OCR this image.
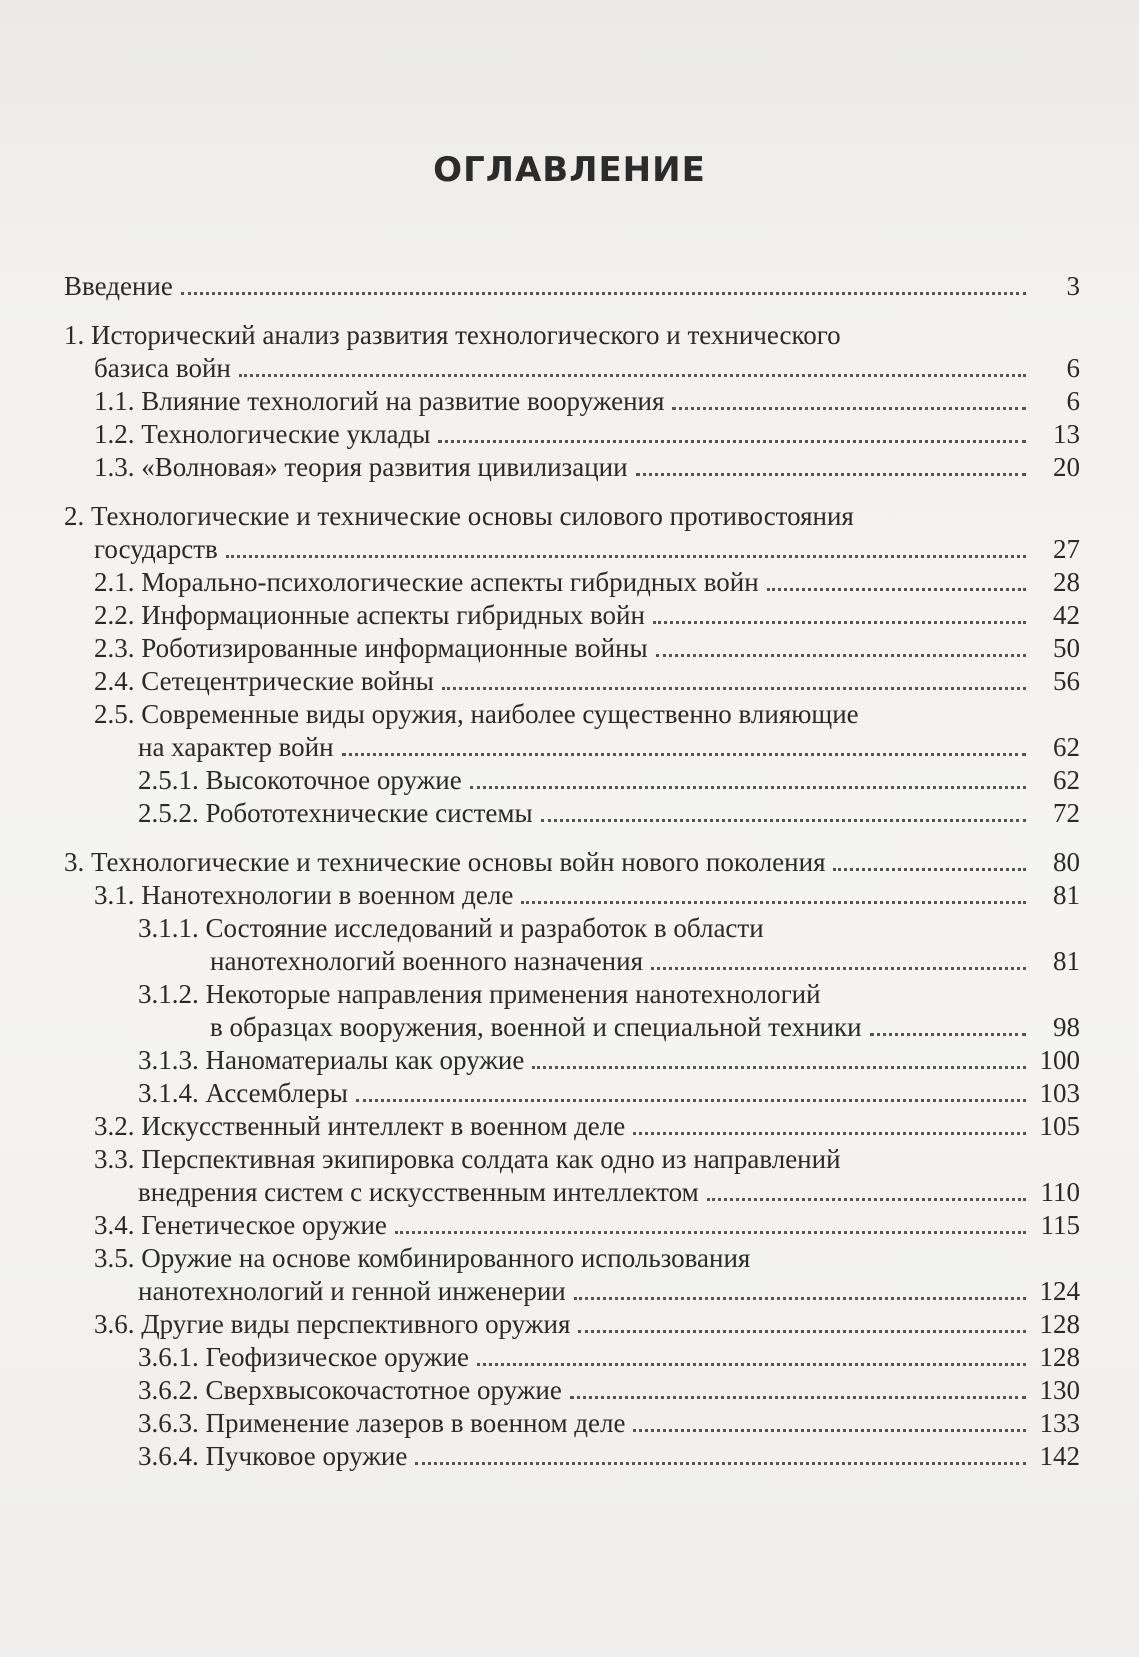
ОГЛАВЛЕНИЕ
Введение	3
1. Исторический анализ развития технологического и технического
базиса войн	6
1.1. Влияние технологий на развитие вооружения	6
1.2. Технологические уклады	13
1.3. «Волновая» теория развития цивилизации	20
2. Технологические и технические основы силового противостояния
государств	27
2.1. Морально-психологические аспекты гибридных войн	28
2.2. Информационные аспекты гибридных войн	42
2.3. Роботизированные информационные войны	50
2.4. Сетецентрические войны	56
2.5. Современные виды оружия, наиболее существенно влияющие
на характер войн	62
2.5.1. Высокоточное оружие	62
2.5.2. Робототехнические системы	72
3. Технологические и технические основы войн нового поколения	80
3.1. Нанотехнологии в военном деле	81
3.1.1. Состояние исследований и разработок в области
нанотехнологий военного назначения	81
3.1.2. Некоторые направления применения нанотехнологий
в образцах вооружения, военной и специальной техники	98
3.1.3. Наноматериалы как оружие	100
3.1.4. Ассемблеры	103
3.2. Искусственный интеллект в военном деле	105
3.3. Перспективная экипировка солдата как одно из направлений
внедрения систем с искусственным интеллектом	110
3.4. Генетическое оружие	115
3.5. Оружие на основе комбинированного использования
нанотехнологий и генной инженерии	124
3.6. Другие виды перспективного оружия	128
3.6.1. Геофизическое оружие	128
3.6.2. Сверхвысокочастотное оружие	130
3.6.3. Применение лазеров в военном деле	133
3.6.4. Пучковое оружие	142
